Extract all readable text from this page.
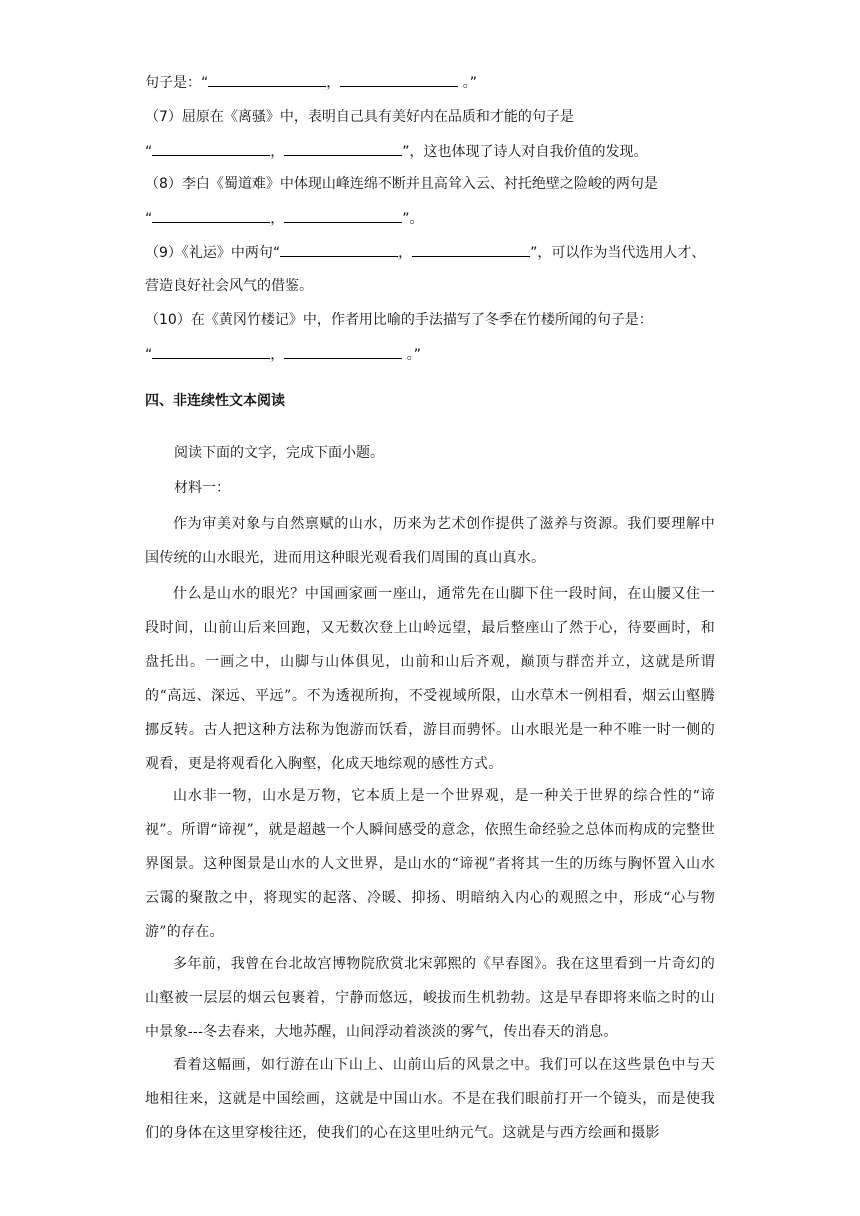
句子是：“	，	。”
（7）屈原在《离骚》中，表明自己具有美好内在品质和才能的句子是
“	，	”，这也体现了诗人对自我价值的发现。
（8）李白《蜀道难》中体现山峰连绵不断并且高耸入云、衬托绝壁之险峻的两句是
“	，	”。
（9）《礼运》中两句“	，	”，可以作为当代选用人才、
营造良好社会风气的借鉴。
（10）在《黄冈竹楼记》中，作者用比喻的手法描写了冬季在竹楼所闻的句子是：
“	，	。”
四、非连续性文本阅读
阅读下面的文字，完成下面小题。
材料一：
作为审美对象与自然禀赋的山水，历来为艺术创作提供了滋养与资源。我们要理解中国传统的山水眼光，进而用这种眼光观看我们周围的真山真水。
什么是山水的眼光？中国画家画一座山，通常先在山脚下住一段时间，在山腰又住一段时间，山前山后来回跑，又无数次登上山岭远望，最后整座山了然于心，待要画时，和盘托出。一画之中，山脚与山体俱见，山前和山后齐观，巅顶与群峦并立，这就是所谓的“高远、深远、平远”。不为透视所拘，不受视域所限，山水草木一例相看，烟云山壑腾挪反转。古人把这种方法称为饱游而饫看，游目而骋怀。山水眼光是一种不唯一时一侧的观看，更是将观看化入胸壑，化成天地综观的感性方式。
山水非一物，山水是万物，它本质上是一个世界观，是一种关于世界的综合性的“谛视”。所谓“谛视”，就是超越一个人瞬间感受的意念，依照生命经验之总体而构成的完整世界图景。这种图景是山水的人文世界，是山水的“谛视”者将其一生的历练与胸怀置入山水云霭的聚散之中，将现实的起落、冷暖、抑扬、明暗纳入内心的观照之中，形成“心与物游”的存在。
多年前，我曾在台北故宫博物院欣赏北宋郭熙的《早春图》。我在这里看到一片奇幻的山壑被一层层的烟云包裹着，宁静而悠远，峻拔而生机勃勃。这是早春即将来临之时的山中景象---冬去春来，大地苏醒，山间浮动着淡淡的雾气，传出春天的消息。
看着这幅画，如行游在山下山上、山前山后的风景之中。我们可以在这些景色中与天地相往来，这就是中国绘画，这就是中国山水。不是在我们眼前打开一个镜头，而是使我们的身体在这里穿梭往还，使我们的心在这里吐纳元气。这就是与西方绘画和摄影
